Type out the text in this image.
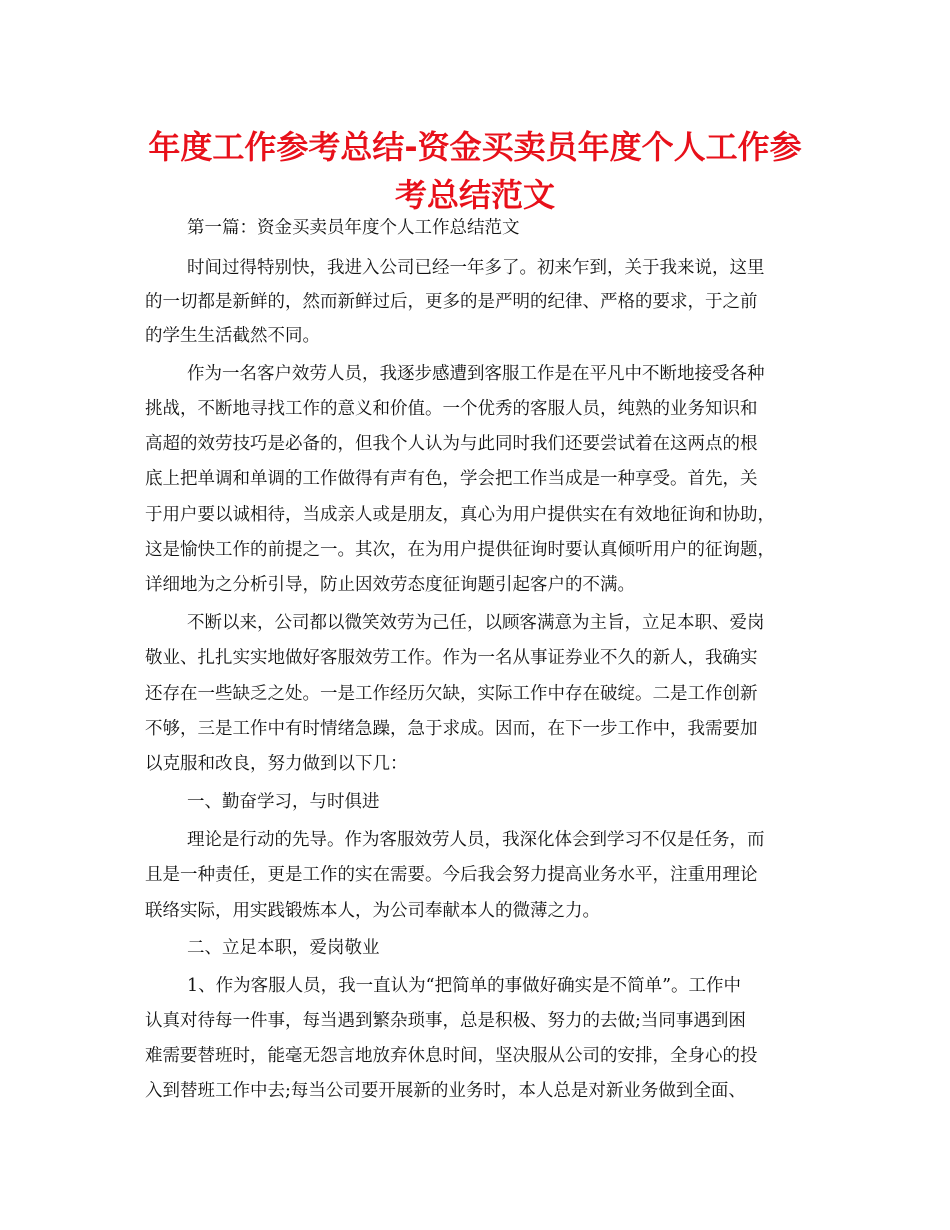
年度工作参考总结-资金买卖员年度个人工作参
考总结范文

第一篇：资金买卖员年度个人工作总结范文

时间过得特别快，我进入公司已经一年多了。初来乍到，关于我来说，这里

的一切都是新鲜的，然而新鲜过后，更多的是严明的纪律、严格的要求，于之前

的学生生活截然不同。

作为一名客户效劳人员，我逐步感遭到客服工作是在平凡中不断地接受各种

挑战，不断地寻找工作的意义和价值。一个优秀的客服人员，纯熟的业务知识和

高超的效劳技巧是必备的，但我个人认为与此同时我们还要尝试着在这两点的根

底上把单调和单调的工作做得有声有色，学会把工作当成是一种享受。首先，关

于用户要以诚相待，当成亲人或是朋友，真心为用户提供实在有效地征询和协助，

这是愉快工作的前提之一。其次，在为用户提供征询时要认真倾听用户的征询题，

详细地为之分析引导，防止因效劳态度征询题引起客户的不满。

不断以来，公司都以微笑效劳为己任，以顾客满意为主旨，立足本职、爱岗

敬业、扎扎实实地做好客服效劳工作。作为一名从事证券业不久的新人，我确实

还存在一些缺乏之处。一是工作经历欠缺，实际工作中存在破绽。二是工作创新

不够，三是工作中有时情绪急躁，急于求成。因而，在下一步工作中，我需要加

以克服和改良，努力做到以下几：

一、勤奋学习，与时俱进

理论是行动的先导。作为客服效劳人员，我深化体会到学习不仅是任务，而

且是一种责任，更是工作的实在需要。今后我会努力提高业务水平，注重用理论

联络实际，用实践锻炼本人，为公司奉献本人的微薄之力。

二、立足本职，爱岗敬业

1、作为客服人员，我一直认为“把简单的事做好确实是不简单”。工作中

认真对待每一件事，每当遇到繁杂琐事，总是积极、努力的去做;当同事遇到困

难需要替班时，能毫无怨言地放弃休息时间，坚决服从公司的安排，全身心的投

入到替班工作中去;每当公司要开展新的业务时，本人总是对新业务做到全面、
